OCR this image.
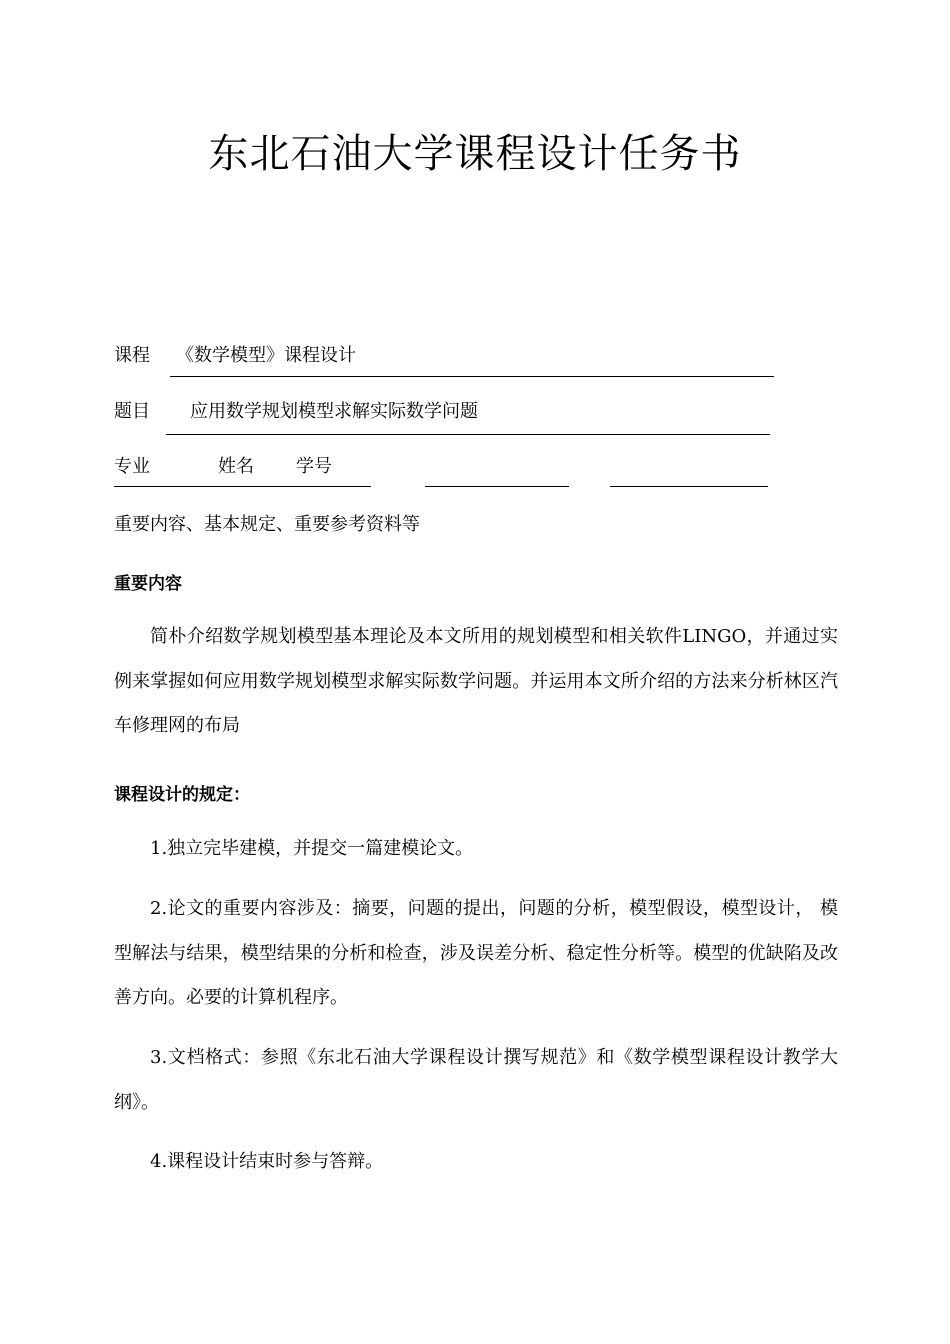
东北石油大学课程设计任务书
课程 《数学模型》课程设计
题目 应用数学规划模型求解实际数学问题
专业	姓名 学号
重要内容、基本规定、重要参考资料等
重要内容
简朴介绍数学规划模型基本理论及本文所用的规划模型和相关软件LINGO，并通过实例来掌握如何应用数学规划模型求解实际数学问题。并运用本文所介绍的方法来分析林区汽车修理网的布局
课程设计的规定：
1.独立完毕建模，并提交一篇建模论文。
2.论文的重要内容涉及：摘要，问题的提出，问题的分析，模型假设，模型设计， 模型解法与结果，模型结果的分析和检查，涉及误差分析、稳定性分析等。模型的优缺陷及改善方向。必要的计算机程序。
3.文档格式：参照《东北石油大学课程设计撰写规范》和《数学模型课程设计教学大纲》。
4.课程设计结束时参与答辩。
